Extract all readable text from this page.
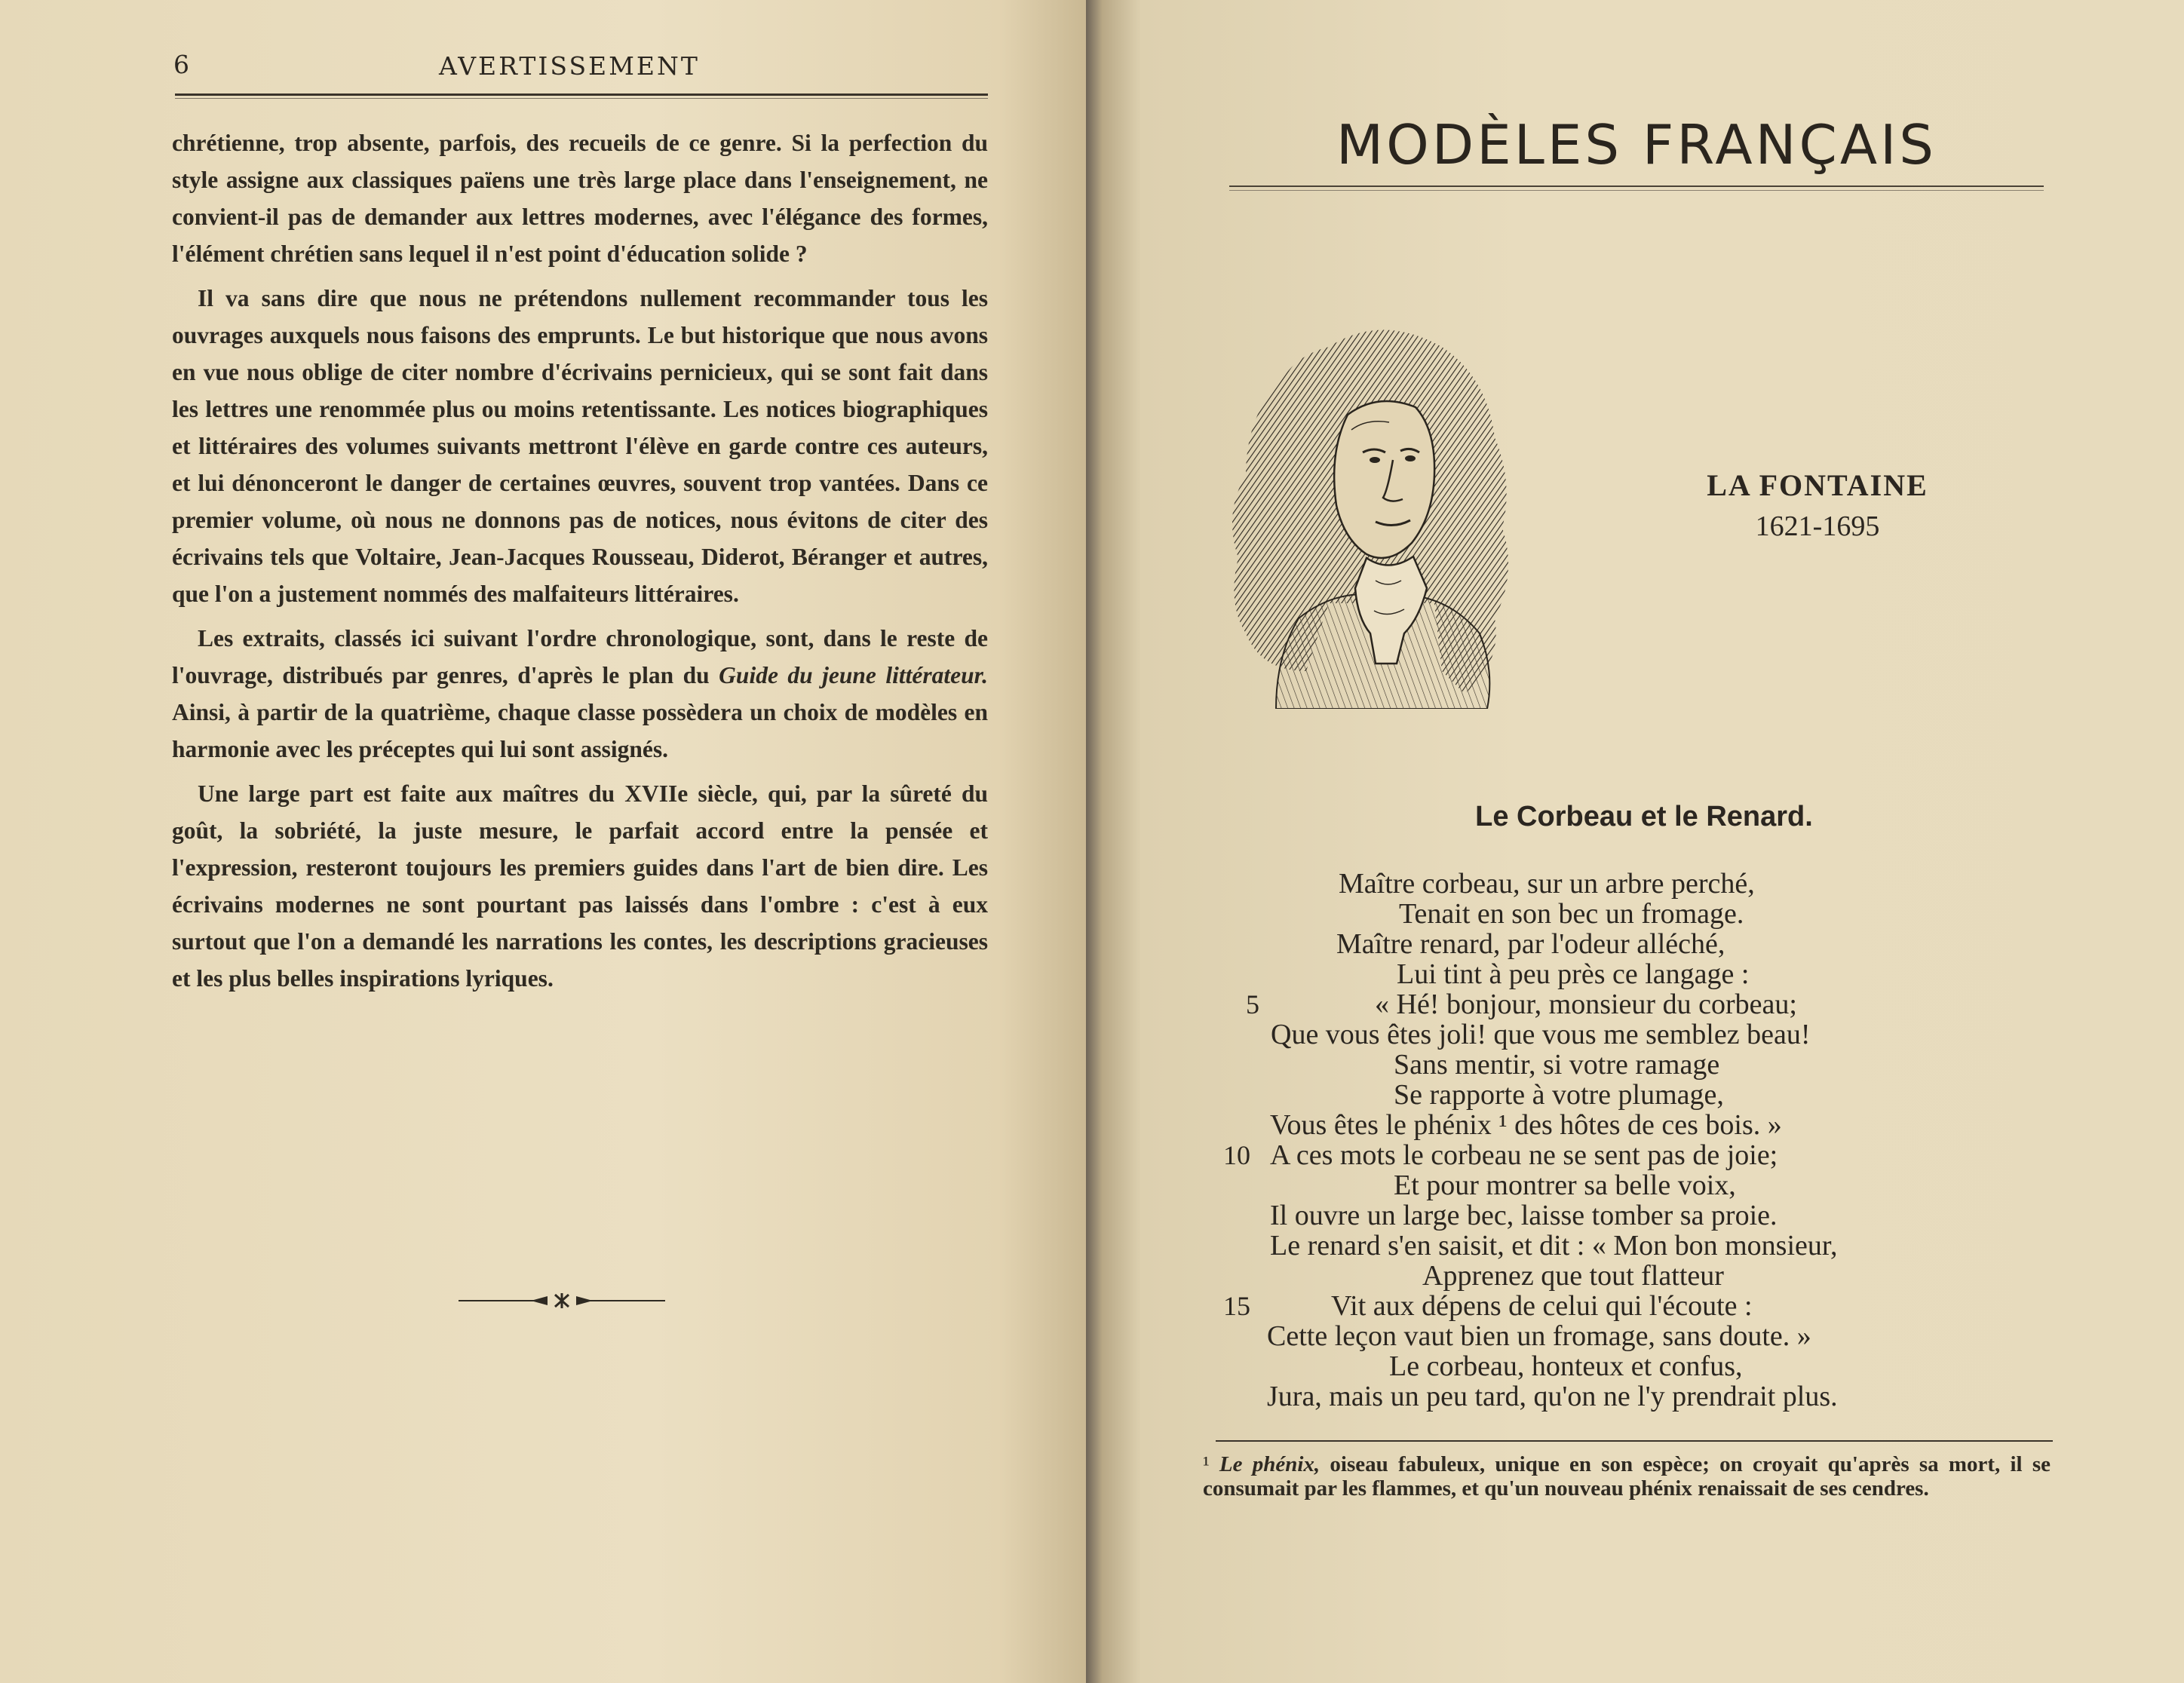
6	AVERTISSEMENT

chrétienne, trop absente, parfois, des recueils de ce genre. Si la perfection du style assigne aux classiques païens une très large place dans l'enseignement, ne convient-il pas de demander aux lettres modernes, avec l'élégance des formes, l'élément chrétien sans lequel il n'est point d'éducation solide ?

Il va sans dire que nous ne prétendons nullement recommander tous les ouvrages auxquels nous faisons des emprunts. Le but historique que nous avons en vue nous oblige de citer nombre d'écrivains pernicieux, qui se sont fait dans les lettres une renommée plus ou moins retentissante. Les notices biographiques et littéraires des volumes suivants mettront l'élève en garde contre ces auteurs, et lui dénonceront le danger de certaines œuvres, souvent trop vantées. Dans ce premier volume, où nous ne donnons pas de notices, nous évitons de citer des écrivains tels que Voltaire, Jean-Jacques Rousseau, Diderot, Béranger et autres, que l'on a justement nommés des malfaiteurs littéraires.

Les extraits, classés ici suivant l'ordre chronologique, sont, dans le reste de l'ouvrage, distribués par genres, d'après le plan du Guide du jeune littérateur. Ainsi, à partir de la quatrième, chaque classe possèdera un choix de modèles en harmonie avec les préceptes qui lui sont assignés.

Une large part est faite aux maîtres du XVIIe siècle, qui, par la sûreté du goût, la sobriété, la juste mesure, le parfait accord entre la pensée et l'expression, resteront toujours les premiers guides dans l'art de bien dire. Les écrivains modernes ne sont pourtant pas laissés dans l'ombre : c'est à eux surtout que l'on a demandé les narrations les contes, les descriptions gracieuses et les plus belles inspirations lyriques.

MODÈLES FRANÇAIS
LA FONTAINE
1621-1695
Le Corbeau et le Renard.
Maître corbeau, sur un arbre perché,
Tenait en son bec un fromage.
Maître renard, par l'odeur alléché,
Lui tint à peu près ce langage :
5	« Hé! bonjour, monsieur du corbeau;
Que vous êtes joli! que vous me semblez beau!
Sans mentir, si votre ramage
Se rapporte à votre plumage,
Vous êtes le phénix ¹ des hôtes de ces bois. »
10 A ces mots le corbeau ne se sent pas de joie;
Et pour montrer sa belle voix,
Il ouvre un large bec, laisse tomber sa proie.
Le renard s'en saisit, et dit : « Mon bon monsieur,
Apprenez que tout flatteur
15	Vit aux dépens de celui qui l'écoute :
Cette leçon vaut bien un fromage, sans doute. »
Le corbeau, honteux et confus,
Jura, mais un peu tard, qu'on ne l'y prendrait plus.
¹ Le phénix, oiseau fabuleux, unique en son espèce; on croyait qu'après sa mort, il se consumait par les flammes, et qu'un nouveau phénix renaissait de ses cendres.
